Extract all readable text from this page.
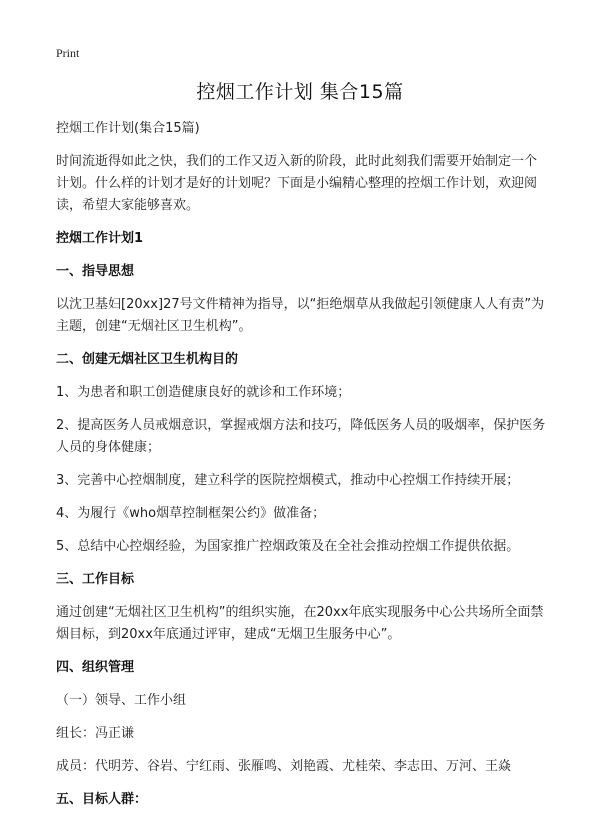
Print
控烟工作计划 集合15篇
控烟工作计划(集合15篇)
时间流逝得如此之快，我们的工作又迈入新的阶段，此时此刻我们需要开始制定一个计划。什么样的计划才是好的计划呢？下面是小编精心整理的控烟工作计划，欢迎阅读，希望大家能够喜欢。
控烟工作计划1
一、指导思想
以沈卫基妇[20xx]27号文件精神为指导，以“拒绝烟草从我做起引领健康人人有责”为主题，创建“无烟社区卫生机构”。
二、创建无烟社区卫生机构目的
1、为患者和职工创造健康良好的就诊和工作环境；
2、提高医务人员戒烟意识，掌握戒烟方法和技巧，降低医务人员的吸烟率，保护医务人员的身体健康；
3、完善中心控烟制度，建立科学的医院控烟模式，推动中心控烟工作持续开展；
4、为履行《who烟草控制框架公约》做准备；
5、总结中心控烟经验，为国家推广控烟政策及在全社会推动控烟工作提供依据。
三、工作目标
通过创建“无烟社区卫生机构”的组织实施，在20xx年底实现服务中心公共场所全面禁烟目标，到20xx年底通过评审，建成“无烟卫生服务中心”。
四、组织管理
（一）领导、工作小组
组长：冯正谦
成员：代明芳、谷岩、宁红雨、张雁鸣、刘艳霞、尤桂荣、李志田、万河、王焱
五、目标人群：
